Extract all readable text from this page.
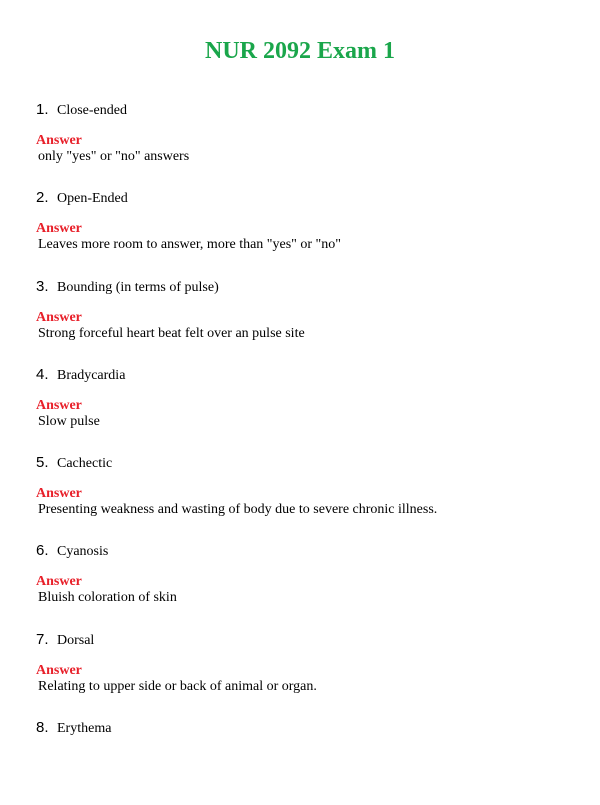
NUR 2092 Exam 1
1. Close-ended
Answer
only "yes" or "no" answers
2. Open-Ended
Answer
Leaves more room to answer, more than "yes" or "no"
3. Bounding (in terms of pulse)
Answer
Strong forceful heart beat felt over an pulse site
4. Bradycardia
Answer
Slow pulse
5. Cachectic
Answer
Presenting weakness and wasting of body due to severe chronic illness.
6. Cyanosis
Answer
Bluish coloration of skin
7. Dorsal
Answer
Relating to upper side or back of animal or organ.
8. Erythema
